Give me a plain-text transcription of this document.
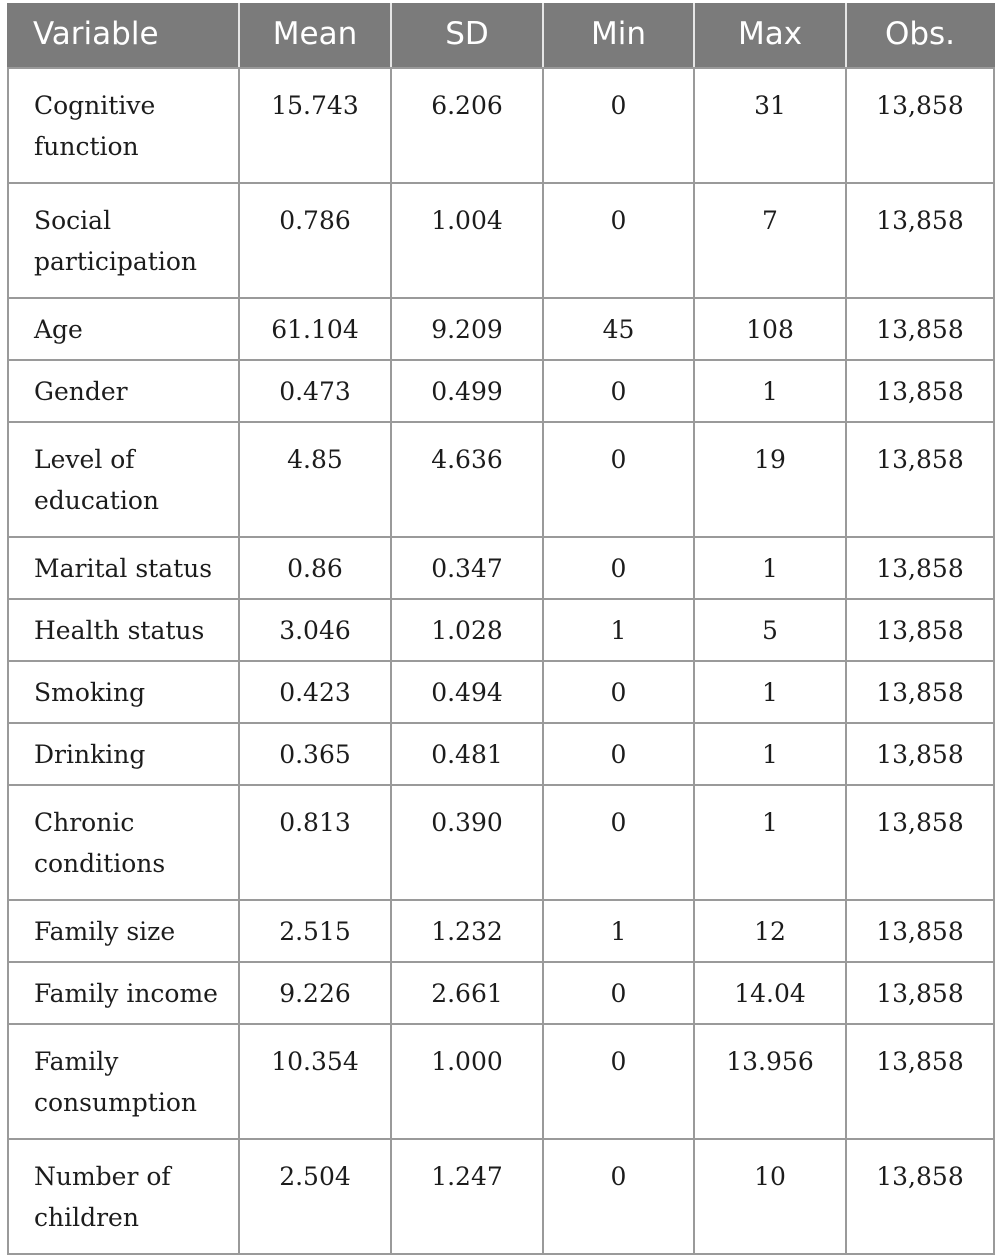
Variable	Mean	SD	Min	Max	Obs.
Cognitive function	15.743	6.206	0	31	13,858
Social participation	0.786	1.004	0	7	13,858
Age	61.104	9.209	45	108	13,858
Gender	0.473	0.499	0	1	13,858
Level of education	4.85	4.636	0	19	13,858
Marital status	0.86	0.347	0	1	13,858
Health status	3.046	1.028	1	5	13,858
Smoking	0.423	0.494	0	1	13,858
Drinking	0.365	0.481	0	1	13,858
Chronic conditions	0.813	0.390	0	1	13,858
Family size	2.515	1.232	1	12	13,858
Family income	9.226	2.661	0	14.04	13,858
Family consumption	10.354	1.000	0	13.956	13,858
Number of children	2.504	1.247	0	10	13,858
